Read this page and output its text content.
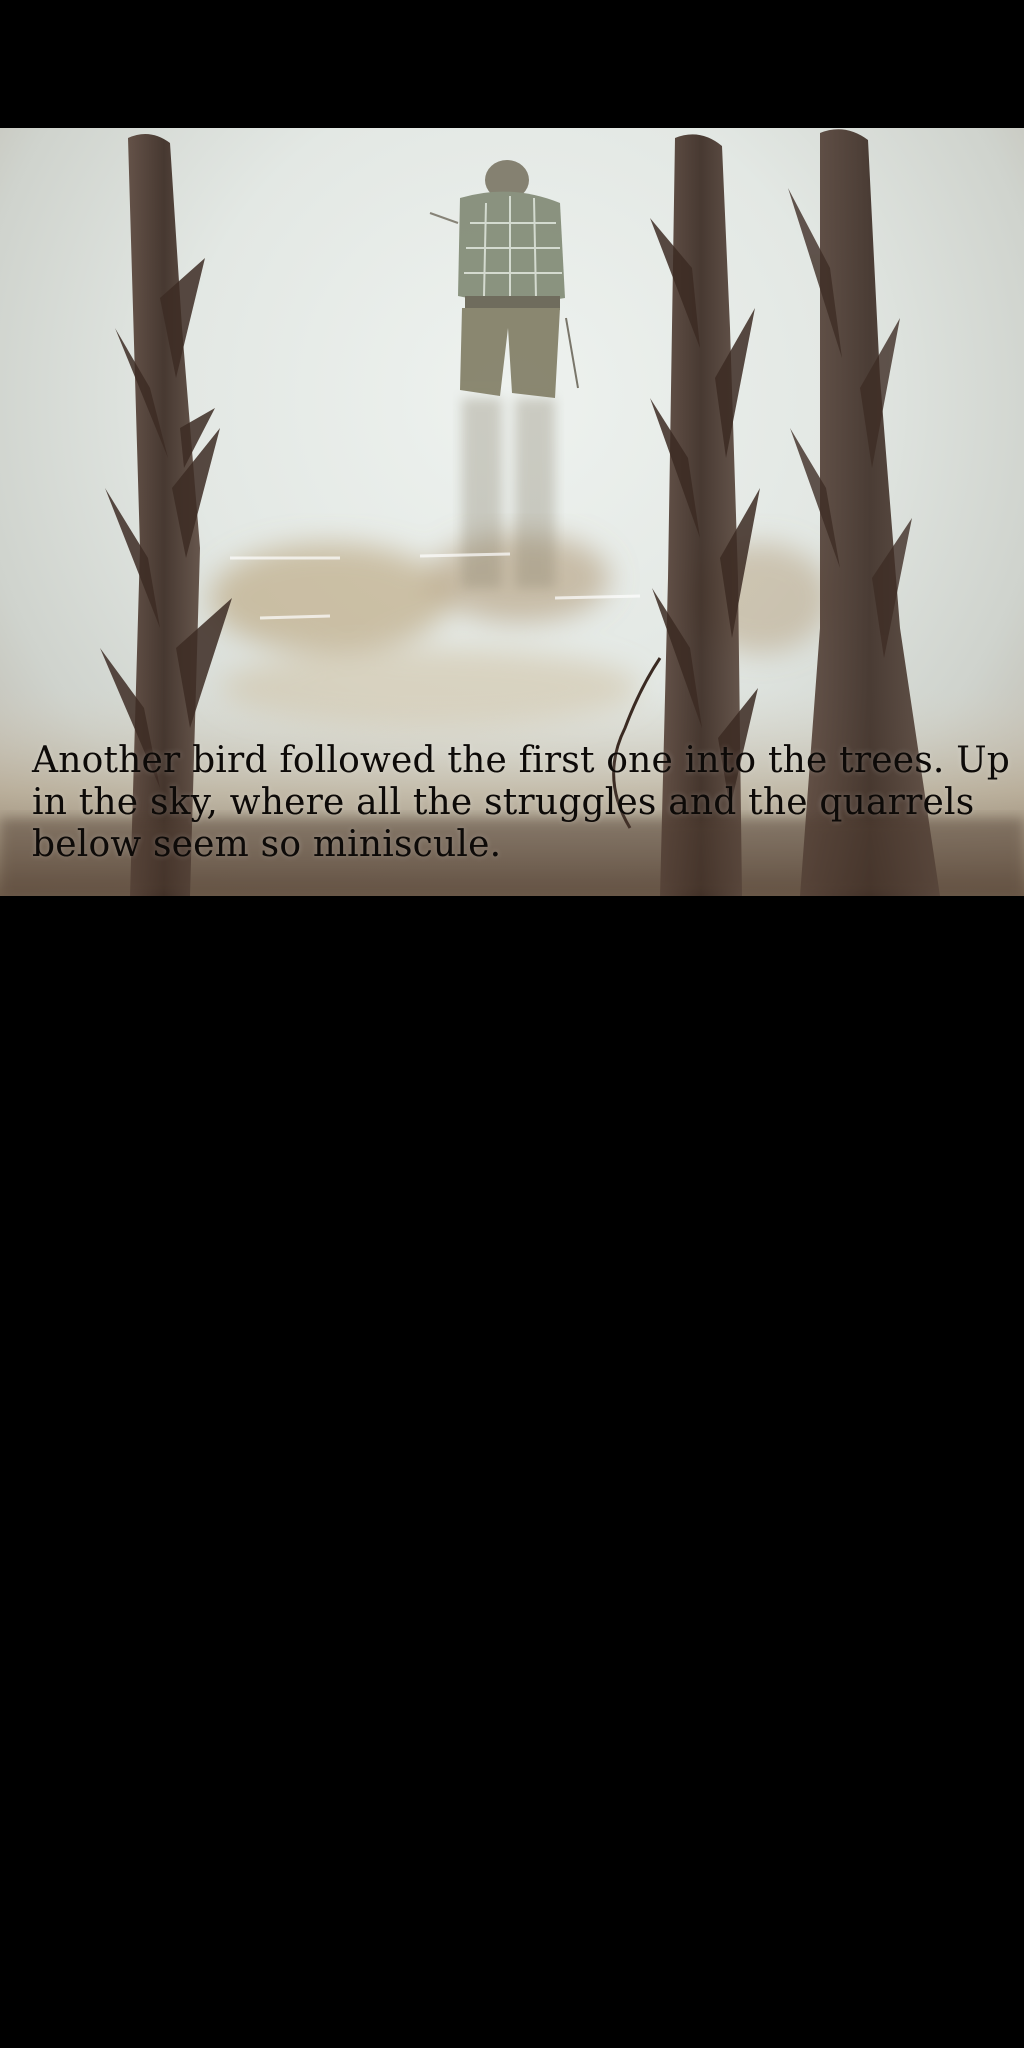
Another bird followed the first one into the trees. Up in the sky, where all the struggles and the quarrels below seem so miniscule.
